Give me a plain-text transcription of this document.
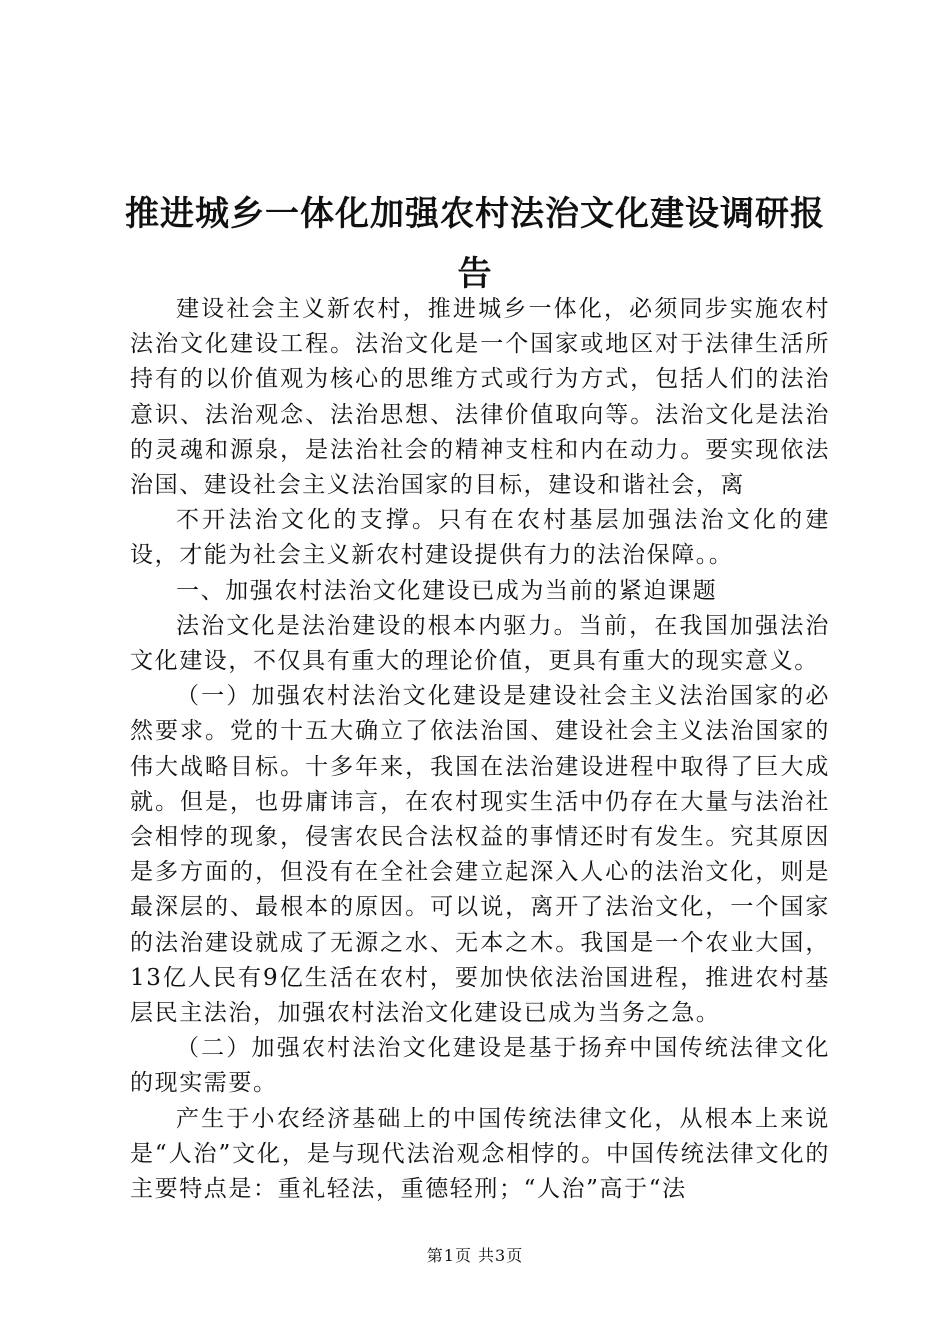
推进城乡一体化加强农村法治文化建设调研报告

建设社会主义新农村，推进城乡一体化，必须同步实施农村法治文化建设工程。法治文化是一个国家或地区对于法律生活所持有的以价值观为核心的思维方式或行为方式，包括人们的法治意识、法治观念、法治思想、法律价值取向等。法治文化是法治的灵魂和源泉，是法治社会的精神支柱和内在动力。要实现依法治国、建设社会主义法治国家的目标，建设和谐社会，离

不开法治文化的支撑。只有在农村基层加强法治文化的建设，才能为社会主义新农村建设提供有力的法治保障。。

一、加强农村法治文化建设已成为当前的紧迫课题

法治文化是法治建设的根本内驱力。当前，在我国加强法治文化建设，不仅具有重大的理论价值，更具有重大的现实意义。

（一）加强农村法治文化建设是建设社会主义法治国家的必然要求。党的十五大确立了依法治国、建设社会主义法治国家的伟大战略目标。十多年来，我国在法治建设进程中取得了巨大成就。但是，也毋庸讳言，在农村现实生活中仍存在大量与法治社会相悖的现象，侵害农民合法权益的事情还时有发生。究其原因是多方面的，但没有在全社会建立起深入人心的法治文化，则是最深层的、最根本的原因。可以说，离开了法治文化，一个国家的法治建设就成了无源之水、无本之木。我国是一个农业大国，13亿人民有9亿生活在农村，要加快依法治国进程，推进农村基层民主法治，加强农村法治文化建设已成为当务之急。

（二）加强农村法治文化建设是基于扬弃中国传统法律文化的现实需要。

产生于小农经济基础上的中国传统法律文化，从根本上来说是“人治”文化，是与现代法治观念相悖的。中国传统法律文化的主要特点是：重礼轻法，重德轻刑；“人治”高于“法

第1页 共3页
